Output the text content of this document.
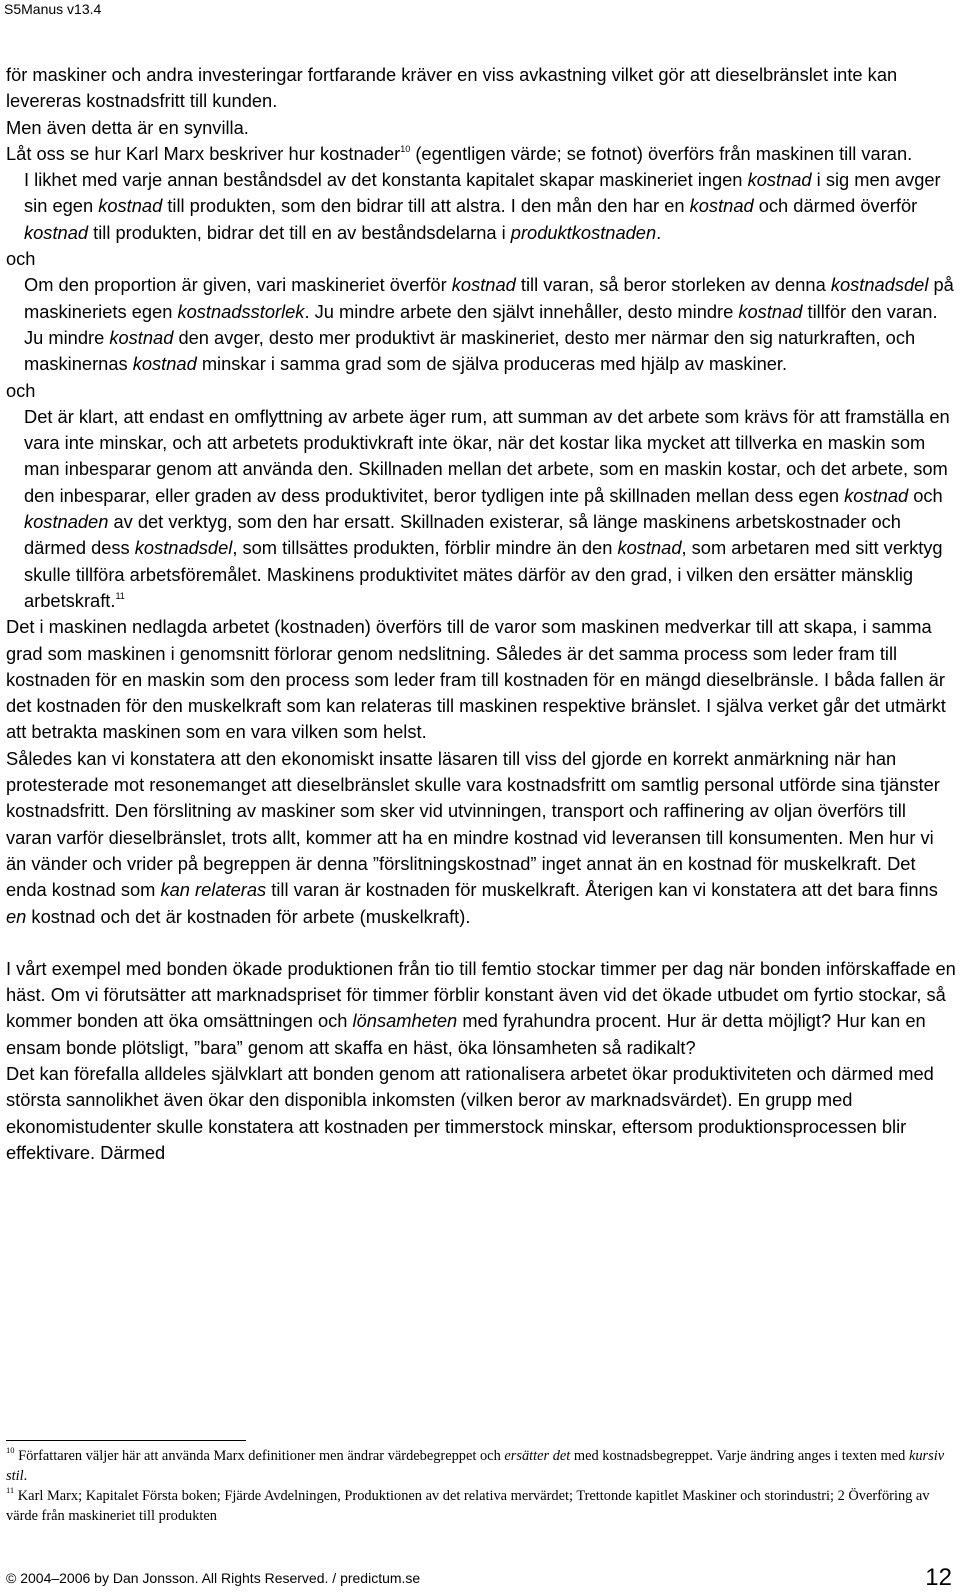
S5Manus v13.4

för maskiner och andra investeringar fortfarande kräver en viss avkastning vilket gör att dieselbränslet inte kan levereras kostnadsfritt till kunden.

Men även detta är en synvilla.

Låt oss se hur Karl Marx beskriver hur kostnader$^{10}$ (egentligen värde; se fotnot) överförs från maskinen till varan.

I likhet med varje annan beståndsdel av det konstanta kapitalet skapar maskineriet ingen kostnad i sig men avger sin egen kostnad till produkten, som den bidrar till att alstra. I den mån den har en kostnad och därmed överför kostnad till produkten, bidrar det till en av beståndsdelarna i produktkostnaden.

och

Om den proportion är given, vari maskineriet överför kostnad till varan, så beror storleken av denna kostnadsdel på maskineriets egen kostnadsstorlek. Ju mindre arbete den självt innehåller, desto mindre kostnad tillför den varan. Ju mindre kostnad den avger, desto mer produktivt är maskineriet, desto mer närmar den sig naturkraften, och maskinernas kostnad minskar i samma grad som de själva produceras med hjälp av maskiner.

och

Det är klart, att endast en omflyttning av arbete äger rum, att summan av det arbete som krävs för att framställa en vara inte minskar, och att arbetets produktivkraft inte ökar, när det kostar lika mycket att tillverka en maskin som man inbesparar genom att använda den. Skillnaden mellan det arbete, som en maskin kostar, och det arbete, som den inbesparar, eller graden av dess produktivitet, beror tydligen inte på skillnaden mellan dess egen kostnad och kostnaden av det verktyg, som den har ersatt. Skillnaden existerar, så länge maskinens arbetskostnader och därmed dess kostnadsdel, som tillsättes produkten, förblir mindre än den kostnad, som arbetaren med sitt verktyg skulle tillföra arbetsföremålet. Maskinens produktivitet mätes därför av den grad, i vilken den ersätter mänsklig arbetskraft.$^{11}$

Det i maskinen nedlagda arbetet (kostnaden) överförs till de varor som maskinen medverkar till att skapa, i samma grad som maskinen i genomsnitt förlorar genom nedslitning. Således är det samma process som leder fram till kostnaden för en maskin som den process som leder fram till kostnaden för en mängd dieselbränsle. I båda fallen är det kostnaden för den muskelkraft som kan relateras till maskinen respektive bränslet. I själva verket går det utmärkt att betrakta maskinen som en vara vilken som helst.

Således kan vi konstatera att den ekonomiskt insatte läsaren till viss del gjorde en korrekt anmärkning när han protesterade mot resonemanget att dieselbränslet skulle vara kostnadsfritt om samtlig personal utförde sina tjänster kostnadsfritt. Den förslitning av maskiner som sker vid utvinningen, transport och raffinering av oljan överförs till varan varför dieselbränslet, trots allt, kommer att ha en mindre kostnad vid leveransen till konsumenten. Men hur vi än vänder och vrider på begreppen är denna ”förslitningskostnad” inget annat än en kostnad för muskelkraft. Det enda kostnad som kan relateras till varan är kostnaden för muskelkraft. Återigen kan vi konstatera att det bara finns en kostnad och det är kostnaden för arbete (muskelkraft).

I vårt exempel med bonden ökade produktionen från tio till femtio stockar timmer per dag när bonden införskaffade en häst. Om vi förutsätter att marknadspriset för timmer förblir konstant även vid det ökade utbudet om fyrtio stockar, så kommer bonden att öka omsättningen och lönsamheten med fyrahundra procent. Hur är detta möjligt? Hur kan en ensam bonde plötsligt, ”bara” genom att skaffa en häst, öka lönsamheten så radikalt?

Det kan förefalla alldeles självklart att bonden genom att rationalisera arbetet ökar produktiviteten och därmed med största sannolikhet även ökar den disponibla inkomsten (vilken beror av marknadsvärdet). En grupp med ekonomistudenter skulle konstatera att kostnaden per timmerstock minskar, eftersom produktionsprocessen blir effektivare. Därmed

$^{10}$ Författaren väljer här att använda Marx definitioner men ändrar värdebegreppet och ersätter det med kostnadsbegreppet. Varje ändring anges i texten med kursiv stil.

$^{11}$ Karl Marx; Kapitalet Första boken; Fjärde Avdelningen, Produktionen av det relativa mervärdet; Trettonde kapitlet Maskiner och storindustri; 2 Överföring av värde från maskineriet till produkten

© 2004–2006 by Dan Jonsson. All Rights Reserved. / predictum.se	12
